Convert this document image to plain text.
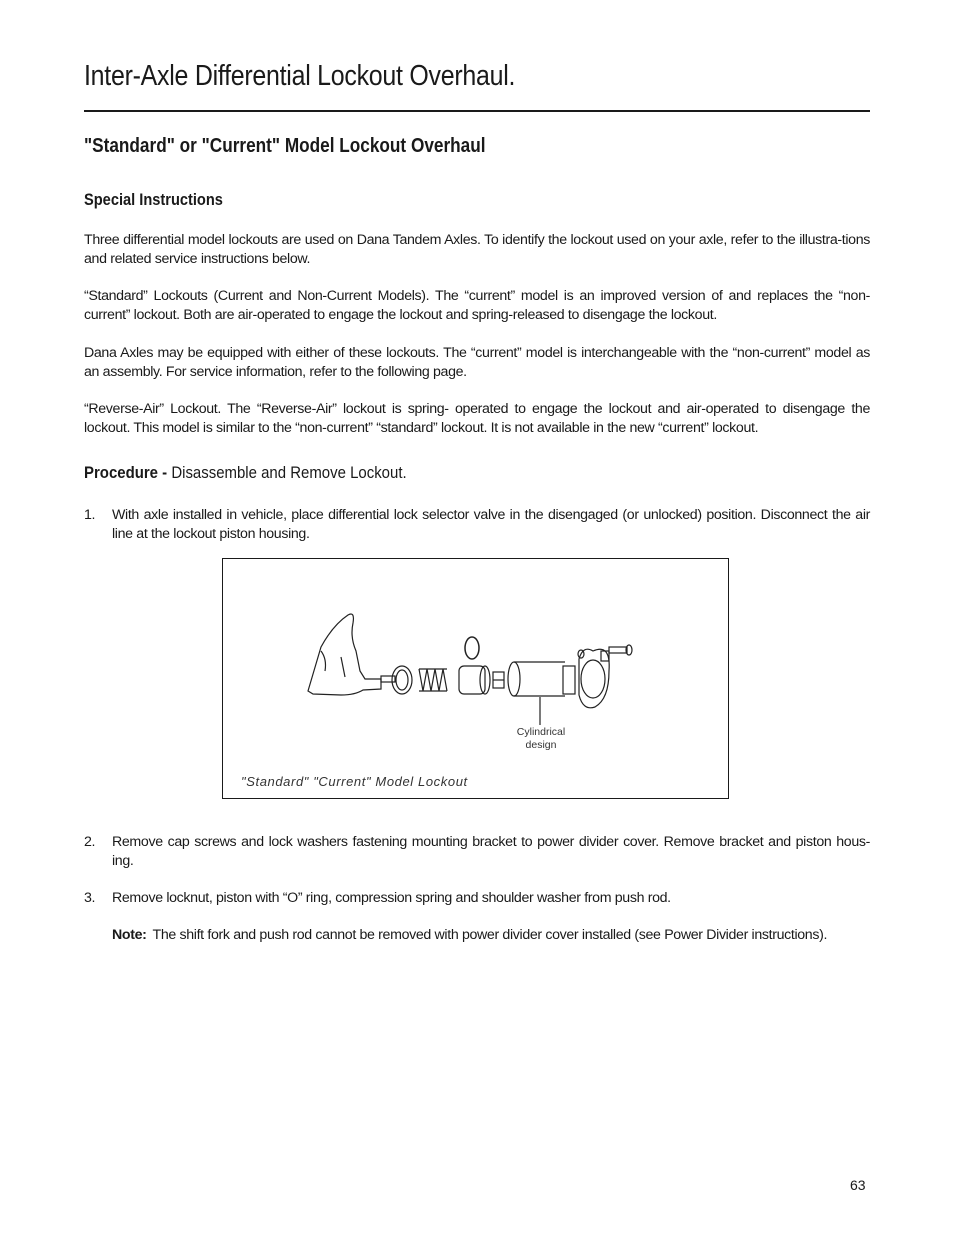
Inter-Axle Differential Lockout Overhaul.
"Standard" or "Current" Model Lockout Overhaul
Special Instructions

Three differential model lockouts are used on Dana Tandem Axles. To identify the lockout used on your axle, refer to the illustra-tions and related service instructions below.

“Standard” Lockouts (Current and Non-Current Models). The “current” model is an improved version of and replaces the “non-current” lockout. Both are air-operated to engage the lockout and spring-released to disengage the lockout.

Dana Axles may be equipped with either of these lockouts. The “current” model is interchangeable with the “non-current” model as an assembly. For service information, refer to the following page.

“Reverse-Air” Lockout. The “Reverse-Air” lockout is spring- operated to engage the lockout and air-operated to disengage the lockout. This model is similar to the “non-current” “standard” lockout. It is not available in the new “current” lockout.

Procedure - Disassemble and Remove Lockout.
1. With axle installed in vehicle, place differential lock selector valve in the disengaged (or unlocked) position. Disconnect the air line at the lockout piston housing.
Cylindrical design
"Standard" "Current" Model Lockout
2. Remove cap screws and lock washers fastening mounting bracket to power divider cover. Remove bracket and piston hous-ing.
3. Remove locknut, piston with “O” ring, compression spring and shoulder washer from push rod.
Note: The shift fork and push rod cannot be removed with power divider cover installed (see Power Divider instructions).
63
